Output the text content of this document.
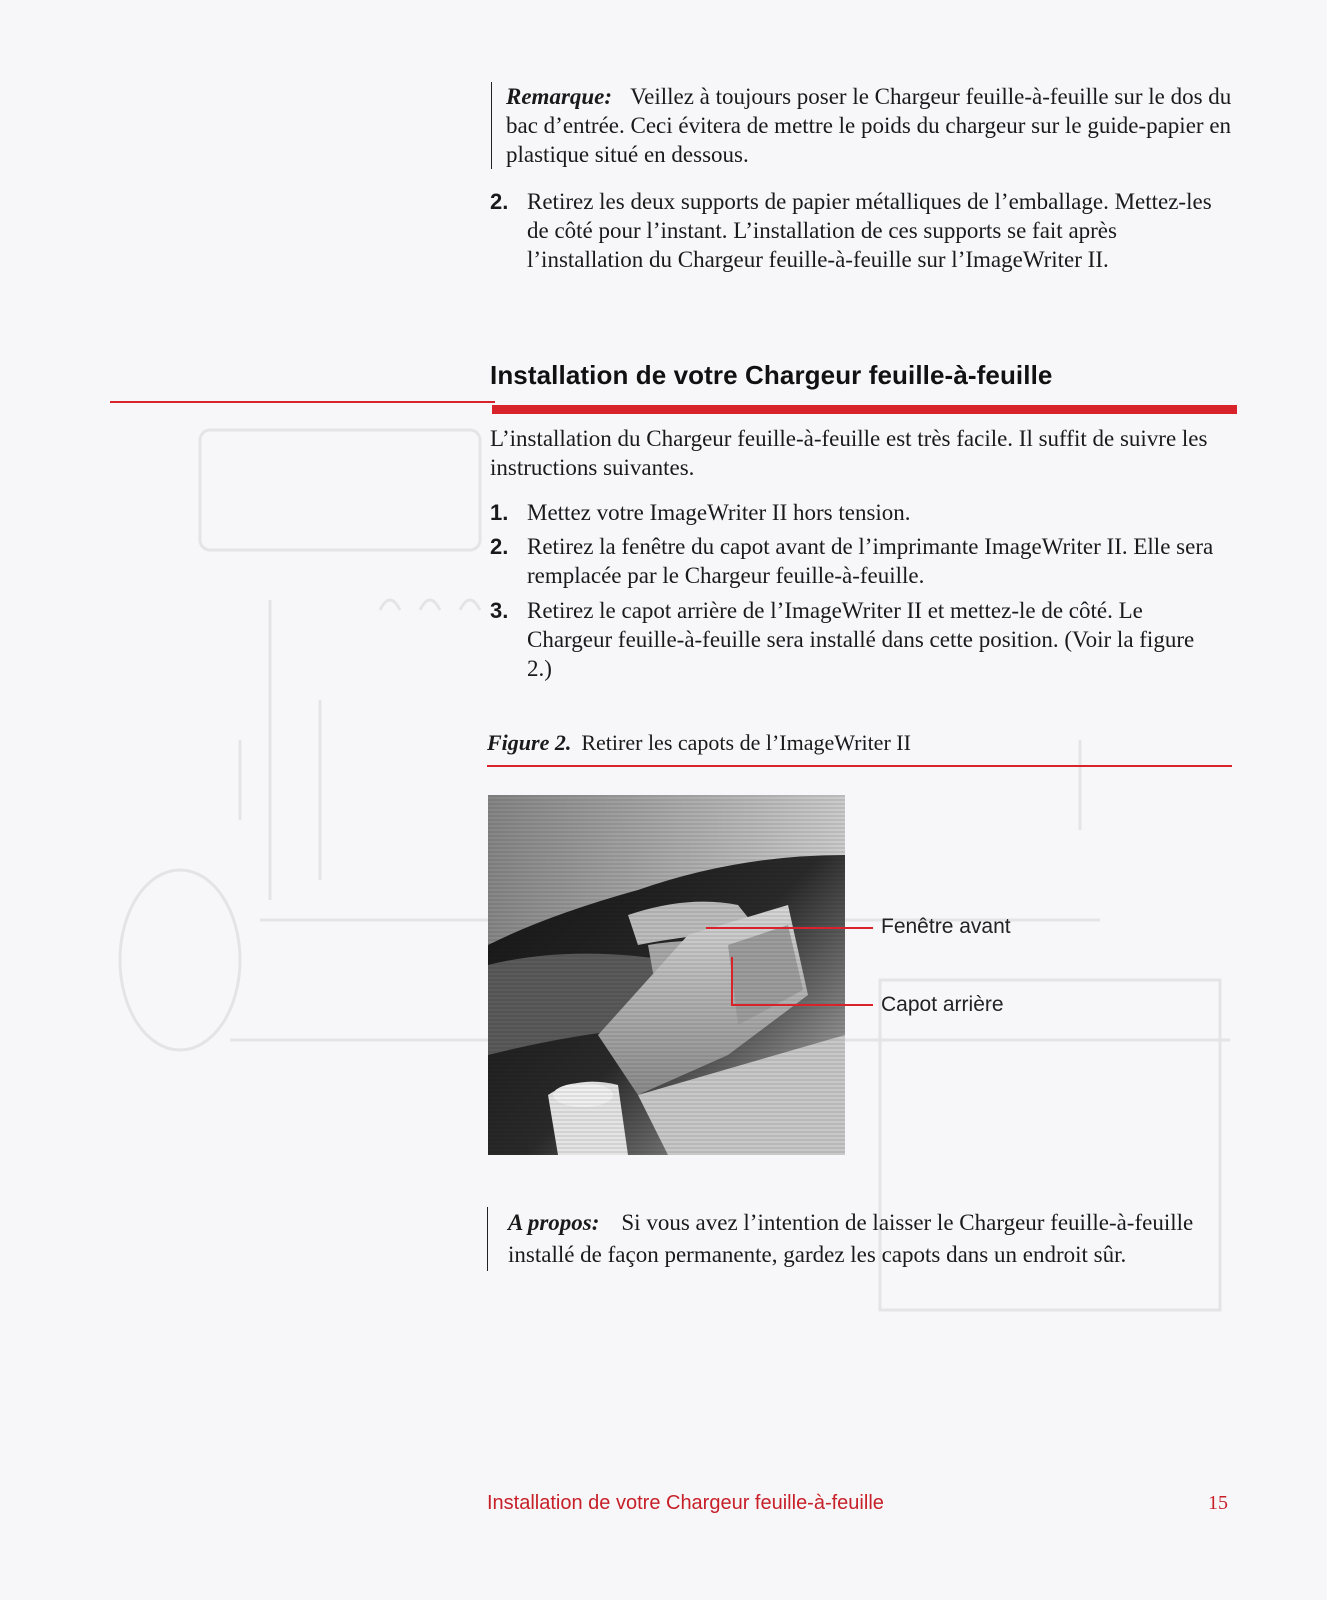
Remarque: Veillez à toujours poser le Chargeur feuille-à-feuille sur le dos du bac d’entrée. Ceci évitera de mettre le poids du chargeur sur le guide-papier en plastique situé en dessous.
2. Retirez les deux supports de papier métalliques de l’emballage. Mettez-les de côté pour l’instant. L’installation de ces supports se fait après l’installation du Chargeur feuille-à-feuille sur l’ImageWriter II.
Installation de votre Chargeur feuille-à-feuille
L’installation du Chargeur feuille-à-feuille est très facile. Il suffit de suivre les instructions suivantes.
1. Mettez votre ImageWriter II hors tension.
2. Retirez la fenêtre du capot avant de l’imprimante ImageWriter II. Elle sera remplacée par le Chargeur feuille-à-feuille.
3. Retirez le capot arrière de l’ImageWriter II et mettez-le de côté. Le Chargeur feuille-à-feuille sera installé dans cette position. (Voir la figure 2.)
Figure 2. Retirer les capots de l’ImageWriter II
Fenêtre avant
Capot arrière
A propos: Si vous avez l’intention de laisser le Chargeur feuille-à-feuille installé de façon permanente, gardez les capots dans un endroit sûr.
Installation de votre Chargeur feuille-à-feuille	15
